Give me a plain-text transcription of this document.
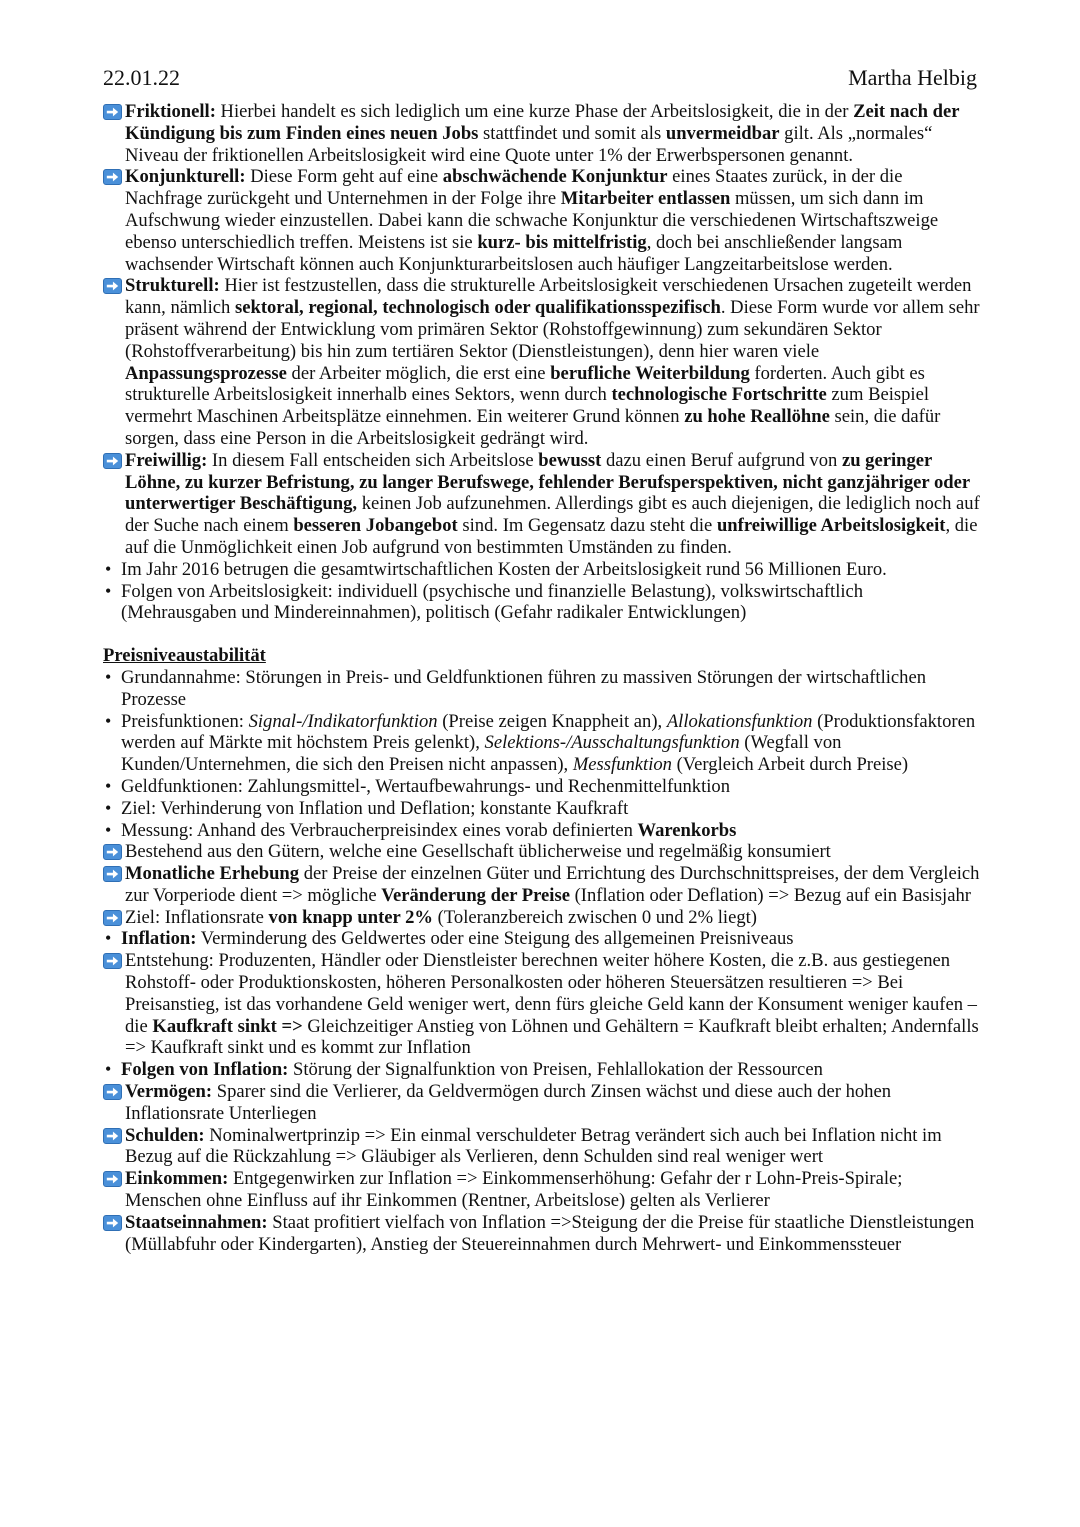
22.01.22	Martha Helbig
Friktionell: Hierbei handelt es sich lediglich um eine kurze Phase der Arbeitslosigkeit, die in der Zeit nach der Kündigung bis zum Finden eines neuen Jobs stattfindet und somit als unvermeidbar gilt. Als „normales“ Niveau der friktionellen Arbeitslosigkeit wird eine Quote unter 1% der Erwerbspersonen genannt.
Konjunkturell: Diese Form geht auf eine abschwächende Konjunktur eines Staates zurück, in der die Nachfrage zurückgeht und Unternehmen in der Folge ihre Mitarbeiter entlassen müssen, um sich dann im Aufschwung wieder einzustellen. Dabei kann die schwache Konjunktur die verschiedenen Wirtschaftszweige ebenso unterschiedlich treffen. Meistens ist sie kurz- bis mittelfristig, doch bei anschließender langsam wachsender Wirtschaft können auch Konjunkturarbeitslosen auch häufiger Langzeitarbeitslose werden.
Strukturell: Hier ist festzustellen, dass die strukturelle Arbeitslosigkeit verschiedenen Ursachen zugeteilt werden kann, nämlich sektoral, regional, technologisch oder qualifikationsspezifisch. Diese Form wurde vor allem sehr präsent während der Entwicklung vom primären Sektor (Rohstoffgewinnung) zum sekundären Sektor (Rohstoffverarbeitung) bis hin zum tertiären Sektor (Dienstleistungen), denn hier waren viele Anpassungsprozesse der Arbeiter möglich, die erst eine berufliche Weiterbildung forderten. Auch gibt es strukturelle Arbeitslosigkeit innerhalb eines Sektors, wenn durch technologische Fortschritte zum Beispiel vermehrt Maschinen Arbeitsplätze einnehmen. Ein weiterer Grund können zu hohe Reallöhne sein, die dafür sorgen, dass eine Person in die Arbeitslosigkeit gedrängt wird.
Freiwillig: In diesem Fall entscheiden sich Arbeitslose bewusst dazu einen Beruf aufgrund von zu geringer Löhne, zu kurzer Befristung, zu langer Berufswege, fehlender Berufsperspektiven, nicht ganzjähriger oder unterwertiger Beschäftigung, keinen Job aufzunehmen. Allerdings gibt es auch diejenigen, die lediglich noch auf der Suche nach einem besseren Jobangebot sind. Im Gegensatz dazu steht die unfreiwillige Arbeitslosigkeit, die auf die Unmöglichkeit einen Job aufgrund von bestimmten Umständen zu finden.
• Im Jahr 2016 betrugen die gesamtwirtschaftlichen Kosten der Arbeitslosigkeit rund 56 Millionen Euro.
• Folgen von Arbeitslosigkeit: individuell (psychische und finanzielle Belastung), volkswirtschaftlich (Mehrausgaben und Mindereinnahmen), politisch (Gefahr radikaler Entwicklungen)
Preisniveaustabilität
• Grundannahme: Störungen in Preis- und Geldfunktionen führen zu massiven Störungen der wirtschaftlichen Prozesse
• Preisfunktionen: Signal-/Indikatorfunktion (Preise zeigen Knappheit an), Allokationsfunktion (Produktionsfaktoren werden auf Märkte mit höchstem Preis gelenkt), Selektions-/Ausschaltungsfunktion (Wegfall von Kunden/Unternehmen, die sich den Preisen nicht anpassen), Messfunktion (Vergleich Arbeit durch Preise)
• Geldfunktionen: Zahlungsmittel-, Wertaufbewahrungs- und Rechenmittelfunktion
• Ziel: Verhinderung von Inflation und Deflation; konstante Kaufkraft
• Messung: Anhand des Verbraucherpreisindex eines vorab definierten Warenkorbs
Bestehend aus den Gütern, welche eine Gesellschaft üblicherweise und regelmäßig konsumiert
Monatliche Erhebung der Preise der einzelnen Güter und Errichtung des Durchschnittspreises, der dem Vergleich zur Vorperiode dient => mögliche Veränderung der Preise (Inflation oder Deflation) => Bezug auf ein Basisjahr
Ziel: Inflationsrate von knapp unter 2% (Toleranzbereich zwischen 0 und 2% liegt)
• Inflation: Verminderung des Geldwertes oder eine Steigung des allgemeinen Preisniveaus
Entstehung: Produzenten, Händler oder Dienstleister berechnen weiter höhere Kosten, die z.B. aus gestiegenen Rohstoff- oder Produktionskosten, höheren Personalkosten oder höheren Steuersätzen resultieren => Bei Preisanstieg, ist das vorhandene Geld weniger wert, denn fürs gleiche Geld kann der Konsument weniger kaufen – die Kaufkraft sinkt => Gleichzeitiger Anstieg von Löhnen und Gehältern = Kaufkraft bleibt erhalten; Andernfalls => Kaufkraft sinkt und es kommt zur Inflation
• Folgen von Inflation: Störung der Signalfunktion von Preisen, Fehlallokation der Ressourcen
Vermögen: Sparer sind die Verlierer, da Geldvermögen durch Zinsen wächst und diese auch der hohen Inflationsrate Unterliegen
Schulden: Nominalwertprinzip => Ein einmal verschuldeter Betrag verändert sich auch bei Inflation nicht im Bezug auf die Rückzahlung => Gläubiger als Verlieren, denn Schulden sind real weniger wert
Einkommen: Entgegenwirken zur Inflation => Einkommenserhöhung: Gefahr der r Lohn-Preis-Spirale; Menschen ohne Einfluss auf ihr Einkommen (Rentner, Arbeitslose) gelten als Verlierer
Staatseinnahmen: Staat profitiert vielfach von Inflation =>Steigung der die Preise für staatliche Dienstleistungen (Müllabfuhr oder Kindergarten), Anstieg der Steuereinnahmen durch Mehrwert- und Einkommenssteuer
